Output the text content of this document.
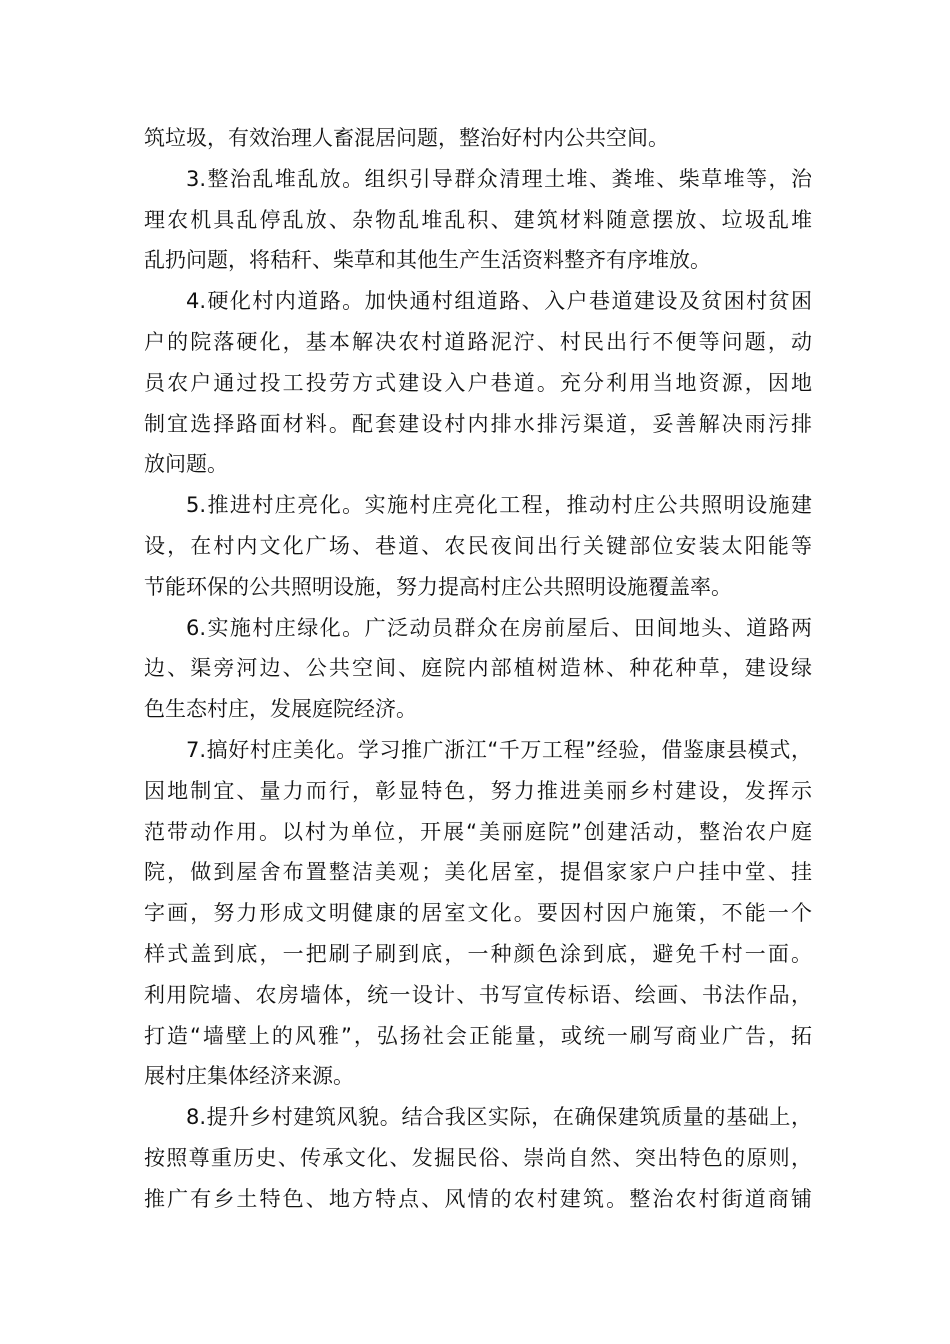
筑垃圾，有效治理人畜混居问题，整治好村内公共空间。
3.整治乱堆乱放。组织引导群众清理土堆、粪堆、柴草堆等，治
理农机具乱停乱放、杂物乱堆乱积、建筑材料随意摆放、垃圾乱堆
乱扔问题，将秸秆、柴草和其他生产生活资料整齐有序堆放。
4.硬化村内道路。加快通村组道路、入户巷道建设及贫困村贫困
户的院落硬化，基本解决农村道路泥泞、村民出行不便等问题，动
员农户通过投工投劳方式建设入户巷道。充分利用当地资源，因地
制宜选择路面材料。配套建设村内排水排污渠道，妥善解决雨污排
放问题。
5.推进村庄亮化。实施村庄亮化工程，推动村庄公共照明设施建
设，在村内文化广场、巷道、农民夜间出行关键部位安装太阳能等
节能环保的公共照明设施，努力提高村庄公共照明设施覆盖率。
6.实施村庄绿化。广泛动员群众在房前屋后、田间地头、道路两
边、渠旁河边、公共空间、庭院内部植树造林、种花种草，建设绿
色生态村庄，发展庭院经济。
7.搞好村庄美化。学习推广浙江“千万工程”经验，借鉴康县模式，
因地制宜、量力而行，彰显特色，努力推进美丽乡村建设，发挥示
范带动作用。以村为单位，开展“美丽庭院”创建活动，整治农户庭
院，做到屋舍布置整洁美观；美化居室，提倡家家户户挂中堂、挂
字画，努力形成文明健康的居室文化。要因村因户施策，不能一个
样式盖到底，一把刷子刷到底，一种颜色涂到底，避免千村一面。
利用院墙、农房墙体，统一设计、书写宣传标语、绘画、书法作品，
打造“墙壁上的风雅”，弘扬社会正能量，或统一刷写商业广告，拓
展村庄集体经济来源。
8.提升乡村建筑风貌。结合我区实际，在确保建筑质量的基础上，
按照尊重历史、传承文化、发掘民俗、崇尚自然、突出特色的原则，
推广有乡土特色、地方特点、风情的农村建筑。整治农村街道商铺
